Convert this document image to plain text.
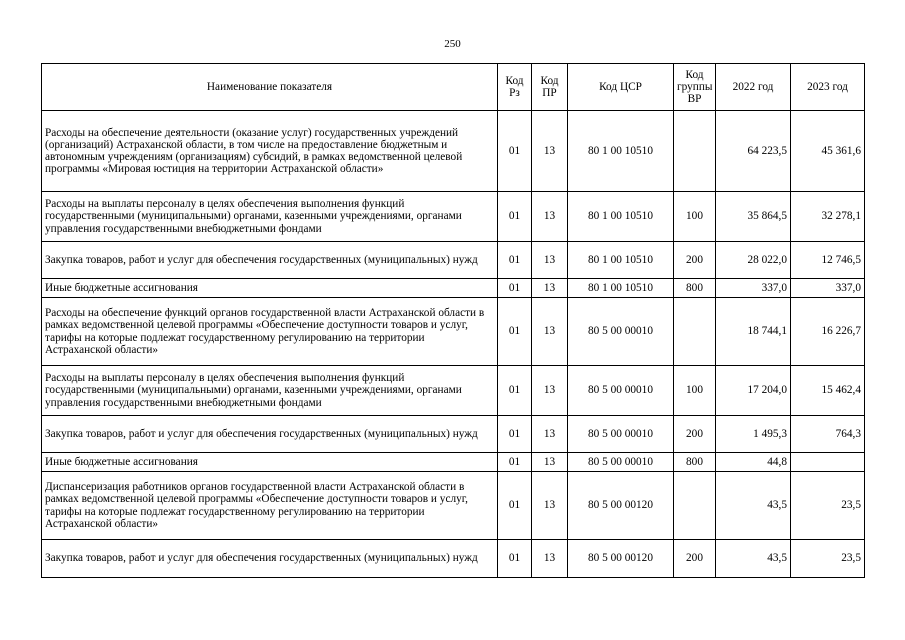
250
Наименование показателя	Код Рз	Код ПР	Код ЦСР	Код группы ВР	2022 год	2023 год
Расходы на обеспечение деятельности (оказание услуг) государственных учреждений (организаций) Астраханской области, в том числе на предоставление бюджетным и автономным учреждениям (организациям) субсидий, в рамках ведомственной целевой программы «Мировая юстиция на территории Астраханской области»	01	13	80 1 00 10510		64 223,5	45 361,6
Расходы на выплаты персоналу в целях обеспечения выполнения функций государственными (муниципальными) органами, казенными учреждениями, органами управления государственными внебюджетными фондами	01	13	80 1 00 10510	100	35 864,5	32 278,1
Закупка товаров, работ и услуг для обеспечения государственных (муниципальных) нужд	01	13	80 1 00 10510	200	28 022,0	12 746,5
Иные бюджетные ассигнования	01	13	80 1 00 10510	800	337,0	337,0
Расходы на обеспечение функций органов государственной власти Астраханской области в рамках ведомственной целевой программы «Обеспечение доступности товаров и услуг, тарифы на которые подлежат государственному регулированию на территории Астраханской области»	01	13	80 5 00 00010		18 744,1	16 226,7
Расходы на выплаты персоналу в целях обеспечения выполнения функций государственными (муниципальными) органами, казенными учреждениями, органами управления государственными внебюджетными фондами	01	13	80 5 00 00010	100	17 204,0	15 462,4
Закупка товаров, работ и услуг для обеспечения государственных (муниципальных) нужд	01	13	80 5 00 00010	200	1 495,3	764,3
Иные бюджетные ассигнования	01	13	80 5 00 00010	800	44,8	
Диспансеризация работников органов государственной власти Астраханской области в рамках ведомственной целевой программы «Обеспечение доступности товаров и услуг, тарифы на которые подлежат государственному регулированию на территории Астраханской области»	01	13	80 5 00 00120		43,5	23,5
Закупка товаров, работ и услуг для обеспечения государственных (муниципальных) нужд	01	13	80 5 00 00120	200	43,5	23,5
